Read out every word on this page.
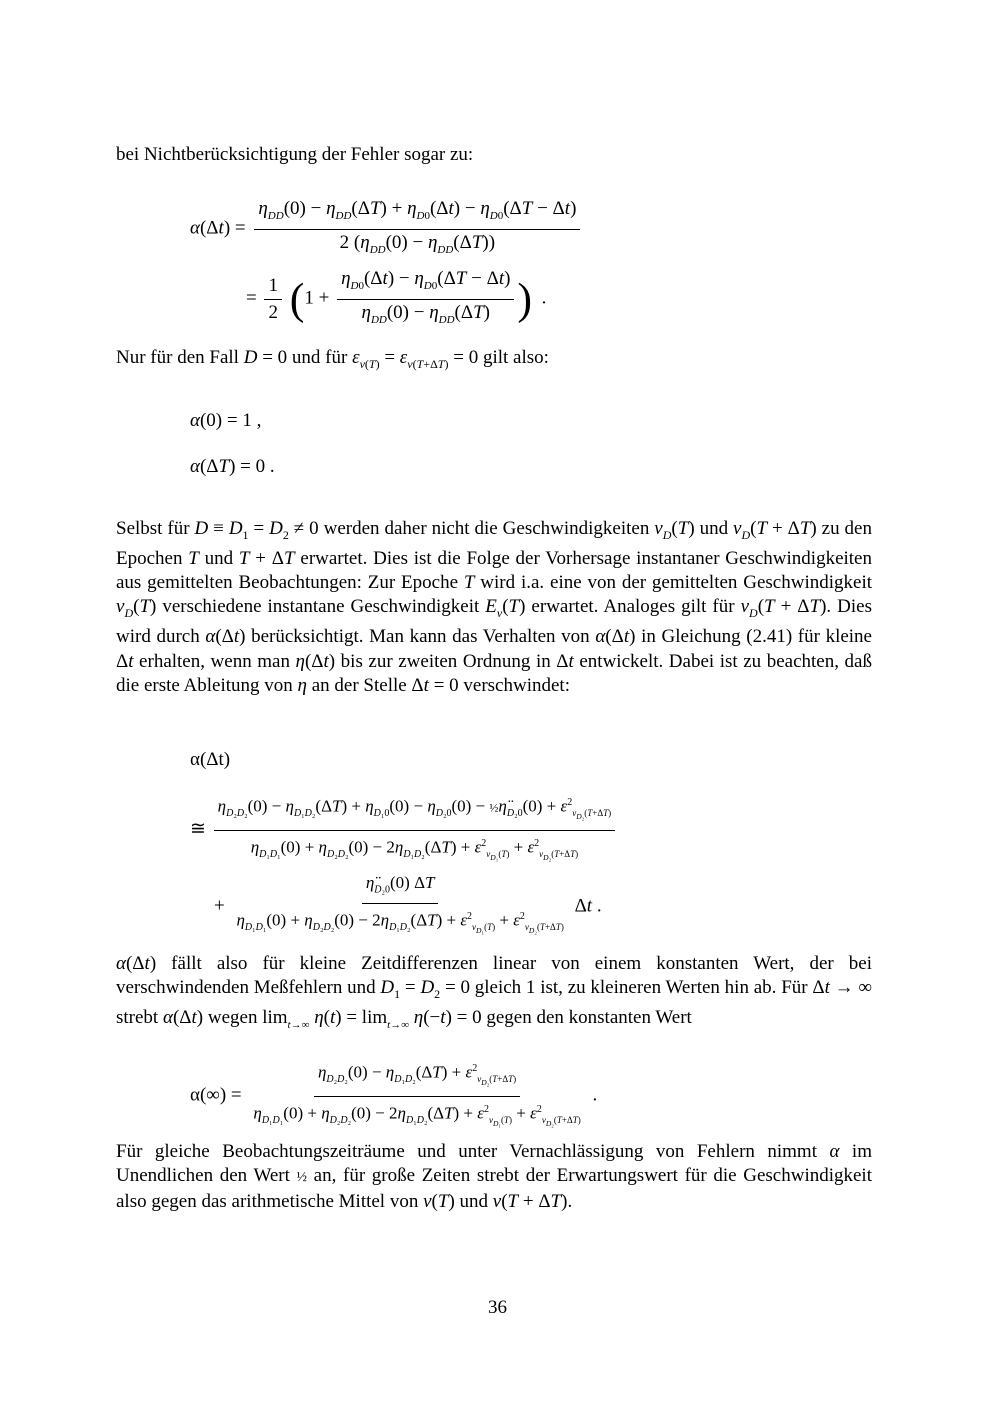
bei Nichtberücksichtigung der Fehler sogar zu:
$\alpha(\Delta t) = \frac{\eta_{DD}(0) - \eta_{DD}(\Delta T) + \eta_{D0}(\Delta t) - \eta_{D0}(\Delta T - \Delta t)}{2 (\eta_{DD}(0) - \eta_{DD}(\Delta T))}$
= $\frac{1}{2} (1 + \frac{\eta_{D0}(\Delta t) - \eta_{D0}(\Delta T - \Delta t)}{\eta_{DD}(0) - \eta_{DD}(\Delta T)}$ )  .
Nur für den Fall D = 0 und für $\varepsilon_{v(T)} = \varepsilon_{v(T+\Delta T)} = 0$ gilt also:
α(0) = 1 ,
α(ΔT) = 0 .
Selbst für $D \equiv D_1 = D_2 \ne 0$ werden daher nicht die Geschwindigkeiten $v_D(T)$ und $v_D(T + \Delta T)$ zu den Epochen T und T + ΔT erwartet. Dies ist die Folge der Vorhersage instantaner Geschwindigkeiten aus gemittelten Beobachtungen: Zur Epoche T wird i.a. eine von der gemittelten Geschwindigkeit $v_D(T)$ verschiedene instantane Geschwindigkeit $E_v(T)$ erwartet. Analoges gilt für $v_D(T + \Delta T)$. Dies wird durch α(Δt) berücksichtigt. Man kann das Verhalten von α(Δt) in Gleichung (2.41) für kleine Δt erhalten, wenn man η(Δt) bis zur zweiten Ordnung in Δt entwickelt. Dabei ist zu beachten, daß die erste Ableitung von η an der Stelle Δt = 0 verschwindet:
α(Δt)
≅
$\eta_{D_2D_2}(0) - \eta_{D_1D_2}(\Delta T) + \eta_{D_10}(0) - \eta_{D_20}(0)$ − $\frac{1}{2}\etä_{D_20}(0) + \varepsilon^2_{v_{D_2}(T+\Delta T)}$
$\eta_{D_1D_1}(0) + \eta_{D_2D_2}(0) - 2\eta_{D_1D_2}(\Delta T) + \varepsilon^2_{v_{D_1}(T)} + \varepsilon^2_{v_{D_2}(T+\Delta T)}$
+ $\frac{\etä_{D_20}(0) \Delta T}{\eta_{D_1D_1}(0) + \eta_{D_2D_2}(0) - 2\eta_{D_1D_2}(\Delta T) + \varepsilon^2_{v_{D_1}(T)} + \varepsilon^2_{v_{D_2}(T+\Delta T)}}$ Δt .
α(Δt) fällt also für kleine Zeitdifferenzen linear von einem konstanten Wert, der bei verschwindenden Meßfehlern und $D_1 = D_2 = 0$ gleich 1 ist, zu kleineren Werten hin ab. Für Δt → ∞ strebt α(Δt) wegen $\lim_{t\to\infty} \eta(t) = \lim_{t\to\infty} \eta(-t) = 0$ gegen den konstanten Wert
$\alpha(\infty) = \frac{\eta_{D_2D_2}(0) - \eta_{D_1D_2}(\Delta T) + \varepsilon^2_{v_{D_2}(T+\Delta T)}}{\eta_{D_1D_1}(0) + \eta_{D_2D_2}(0) - 2\eta_{D_1D_2}(\Delta T) + \varepsilon^2_{v_{D_1}(T)} + \varepsilon^2_{v_{D_2}(T+\Delta T)}}$ .
Für gleiche Beobachtungszeiträume und unter Vernachlässigung von Fehlern nimmt α im Unendlichen den Wert ½ an, für große Zeiten strebt der Erwartungswert für die Geschwindigkeit also gegen das arithmetische Mittel von v(T) und v(T + ΔT).
36
